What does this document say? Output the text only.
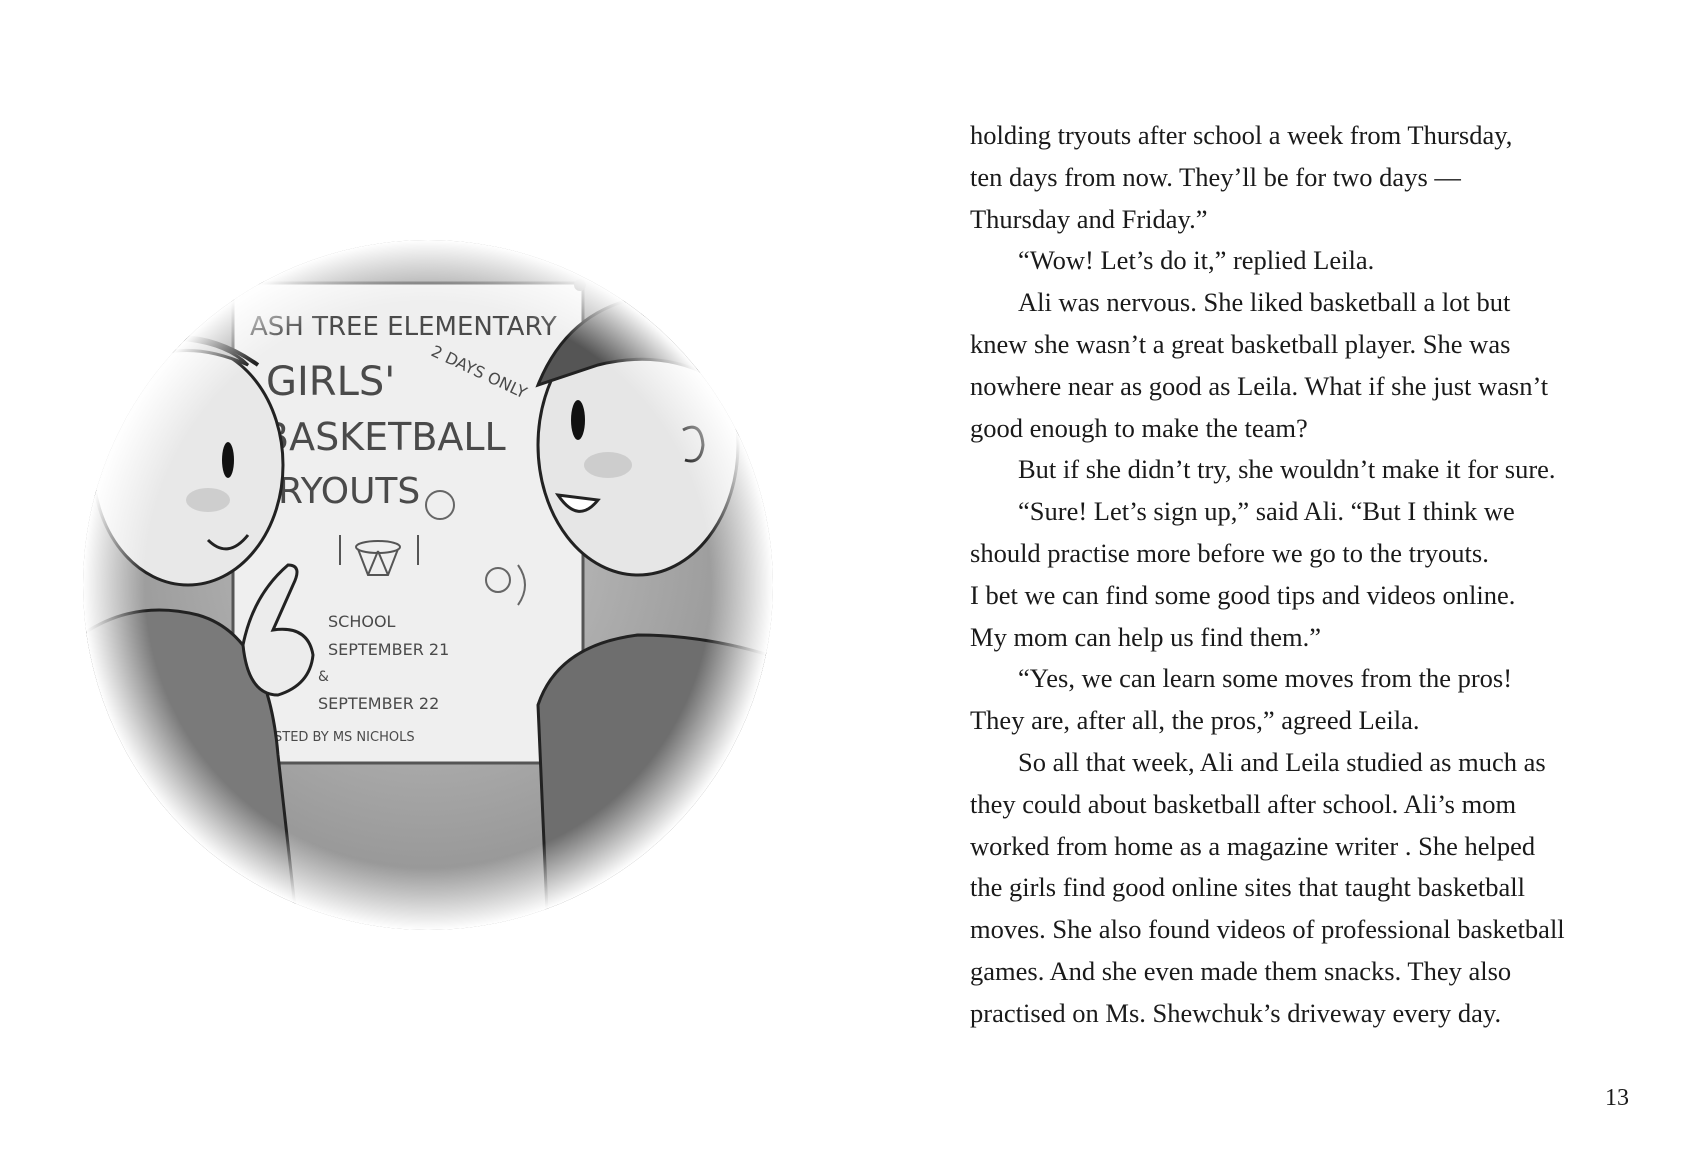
holding tryouts after school a week from Thursday,
ten days from now. They’ll be for two days —
Thursday and Friday.”
“Wow! Let’s do it,” replied Leila.
Ali was nervous. She liked basketball a lot but
knew she wasn’t a great basketball player. She was
nowhere near as good as Leila. What if she just wasn’t
good enough to make the team?
But if she didn’t try, she wouldn’t make it for sure.
“Sure! Let’s sign up,” said Ali. “But I think we
should practise more before we go to the tryouts.
I bet we can find some good tips and videos online.
My mom can help us find them.”
“Yes, we can learn some moves from the pros!
They are, after all, the pros,” agreed Leila.
So all that week, Ali and Leila studied as much as
they could about basketball after school. Ali’s mom
worked from home as a magazine writer . She helped
the girls find good online sites that taught basketball
moves. She also found videos of professional basketball
games. And she even made them snacks. They also
practised on Ms. Shewchuk’s driveway every day.
13
